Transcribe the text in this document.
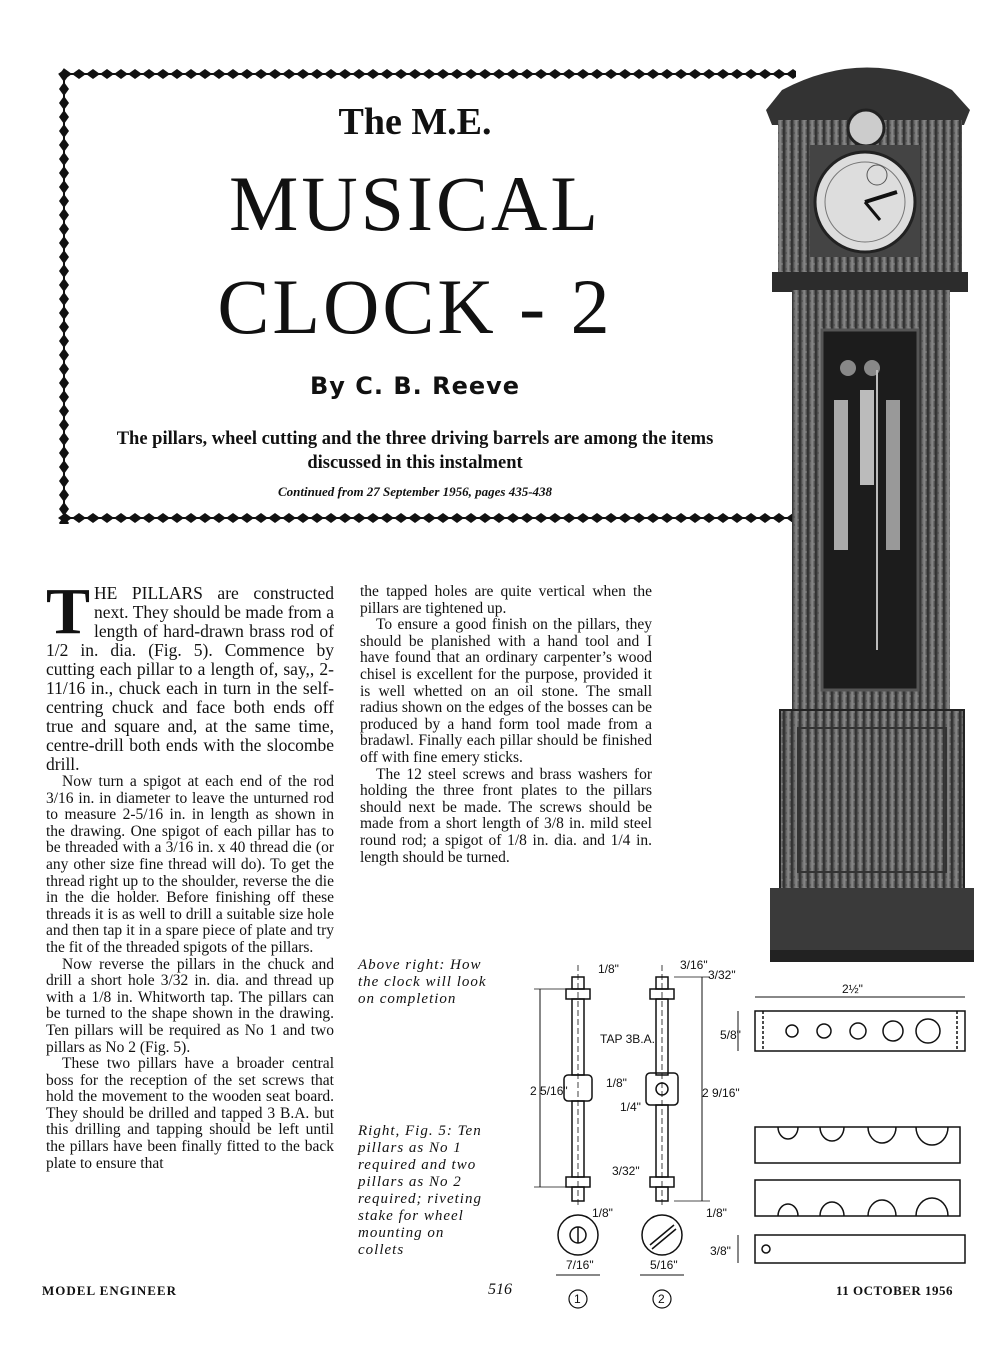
The M.E.
MUSICAL
CLOCK - 2
By C. B. Reeve
The pillars, wheel cutting and the three driving barrels are among the items discussed in this instalment
Continued from 27 September 1956, pages 435-438

THE PILLARS are constructed next. They should be made from a length of hard-drawn brass rod of 1/2 in. dia. (Fig. 5). Commence by cutting each pillar to a length of, say,, 2-11/16 in., chuck each in turn in the self-centring chuck and face both ends off true and square and, at the same time, centre-drill both ends with the slocombe drill.

Now turn a spigot at each end of the rod 3/16 in. in diameter to leave the unturned rod to measure 2-5/16 in. in length as shown in the drawing. One spigot of each pillar has to be threaded with a 3/16 in. x 40 thread die (or any other size fine thread will do). To get the thread right up to the shoulder, reverse the die in the die holder. Before finishing off these threads it is as well to drill a suitable size hole and then tap it in a spare piece of plate and try the fit of the threaded spigots of the pillars.

Now reverse the pillars in the chuck and drill a short hole 3/32 in. dia. and thread up with a 1/8 in. Whitworth tap. The pillars can be turned to the shape shown in the drawing. Ten pillars will be required as No 1 and two pillars as No 2 (Fig. 5).

These two pillars have a broader central boss for the reception of the set screws that hold the movement to the wooden seat board. They should be drilled and tapped 3 B.A. but this drilling and tapping should be left until the pillars have been finally fitted to the back plate to ensure that

the tapped holes are quite vertical when the pillars are tightened up.

To ensure a good finish on the pillars, they should be planished with a hand tool and I have found that an ordinary carpenter’s wood chisel is excellent for the purpose, provided it is well whetted on an oil stone. The small radius shown on the edges of the bosses can be produced by a hand form tool made from a bradawl. Finally each pillar should be finished off with fine emery sticks.

The 12 steel screws and brass washers for holding the three front plates to the pillars should next be made. The screws should be made from a short length of 3/8 in. mild steel round rod; a spigot of 1/8 in. dia. and 1/4 in. length should be turned.

Above right: How the clock will look on completion
Right, Fig. 5: Ten pillars as No 1 required and two pillars as No 2 required; riveting stake for wheel mounting on collets
1/8"	3/16"
3/32"
2½"
5/8"
TAP 3B.A.
2 5/16"	2 9/16"
1/4"
1/8"
3/32"
1/8"	1/8"
3/8"
7/16"	5/16"
1	2
MODEL ENGINEER	516	11 OCTOBER 1956
